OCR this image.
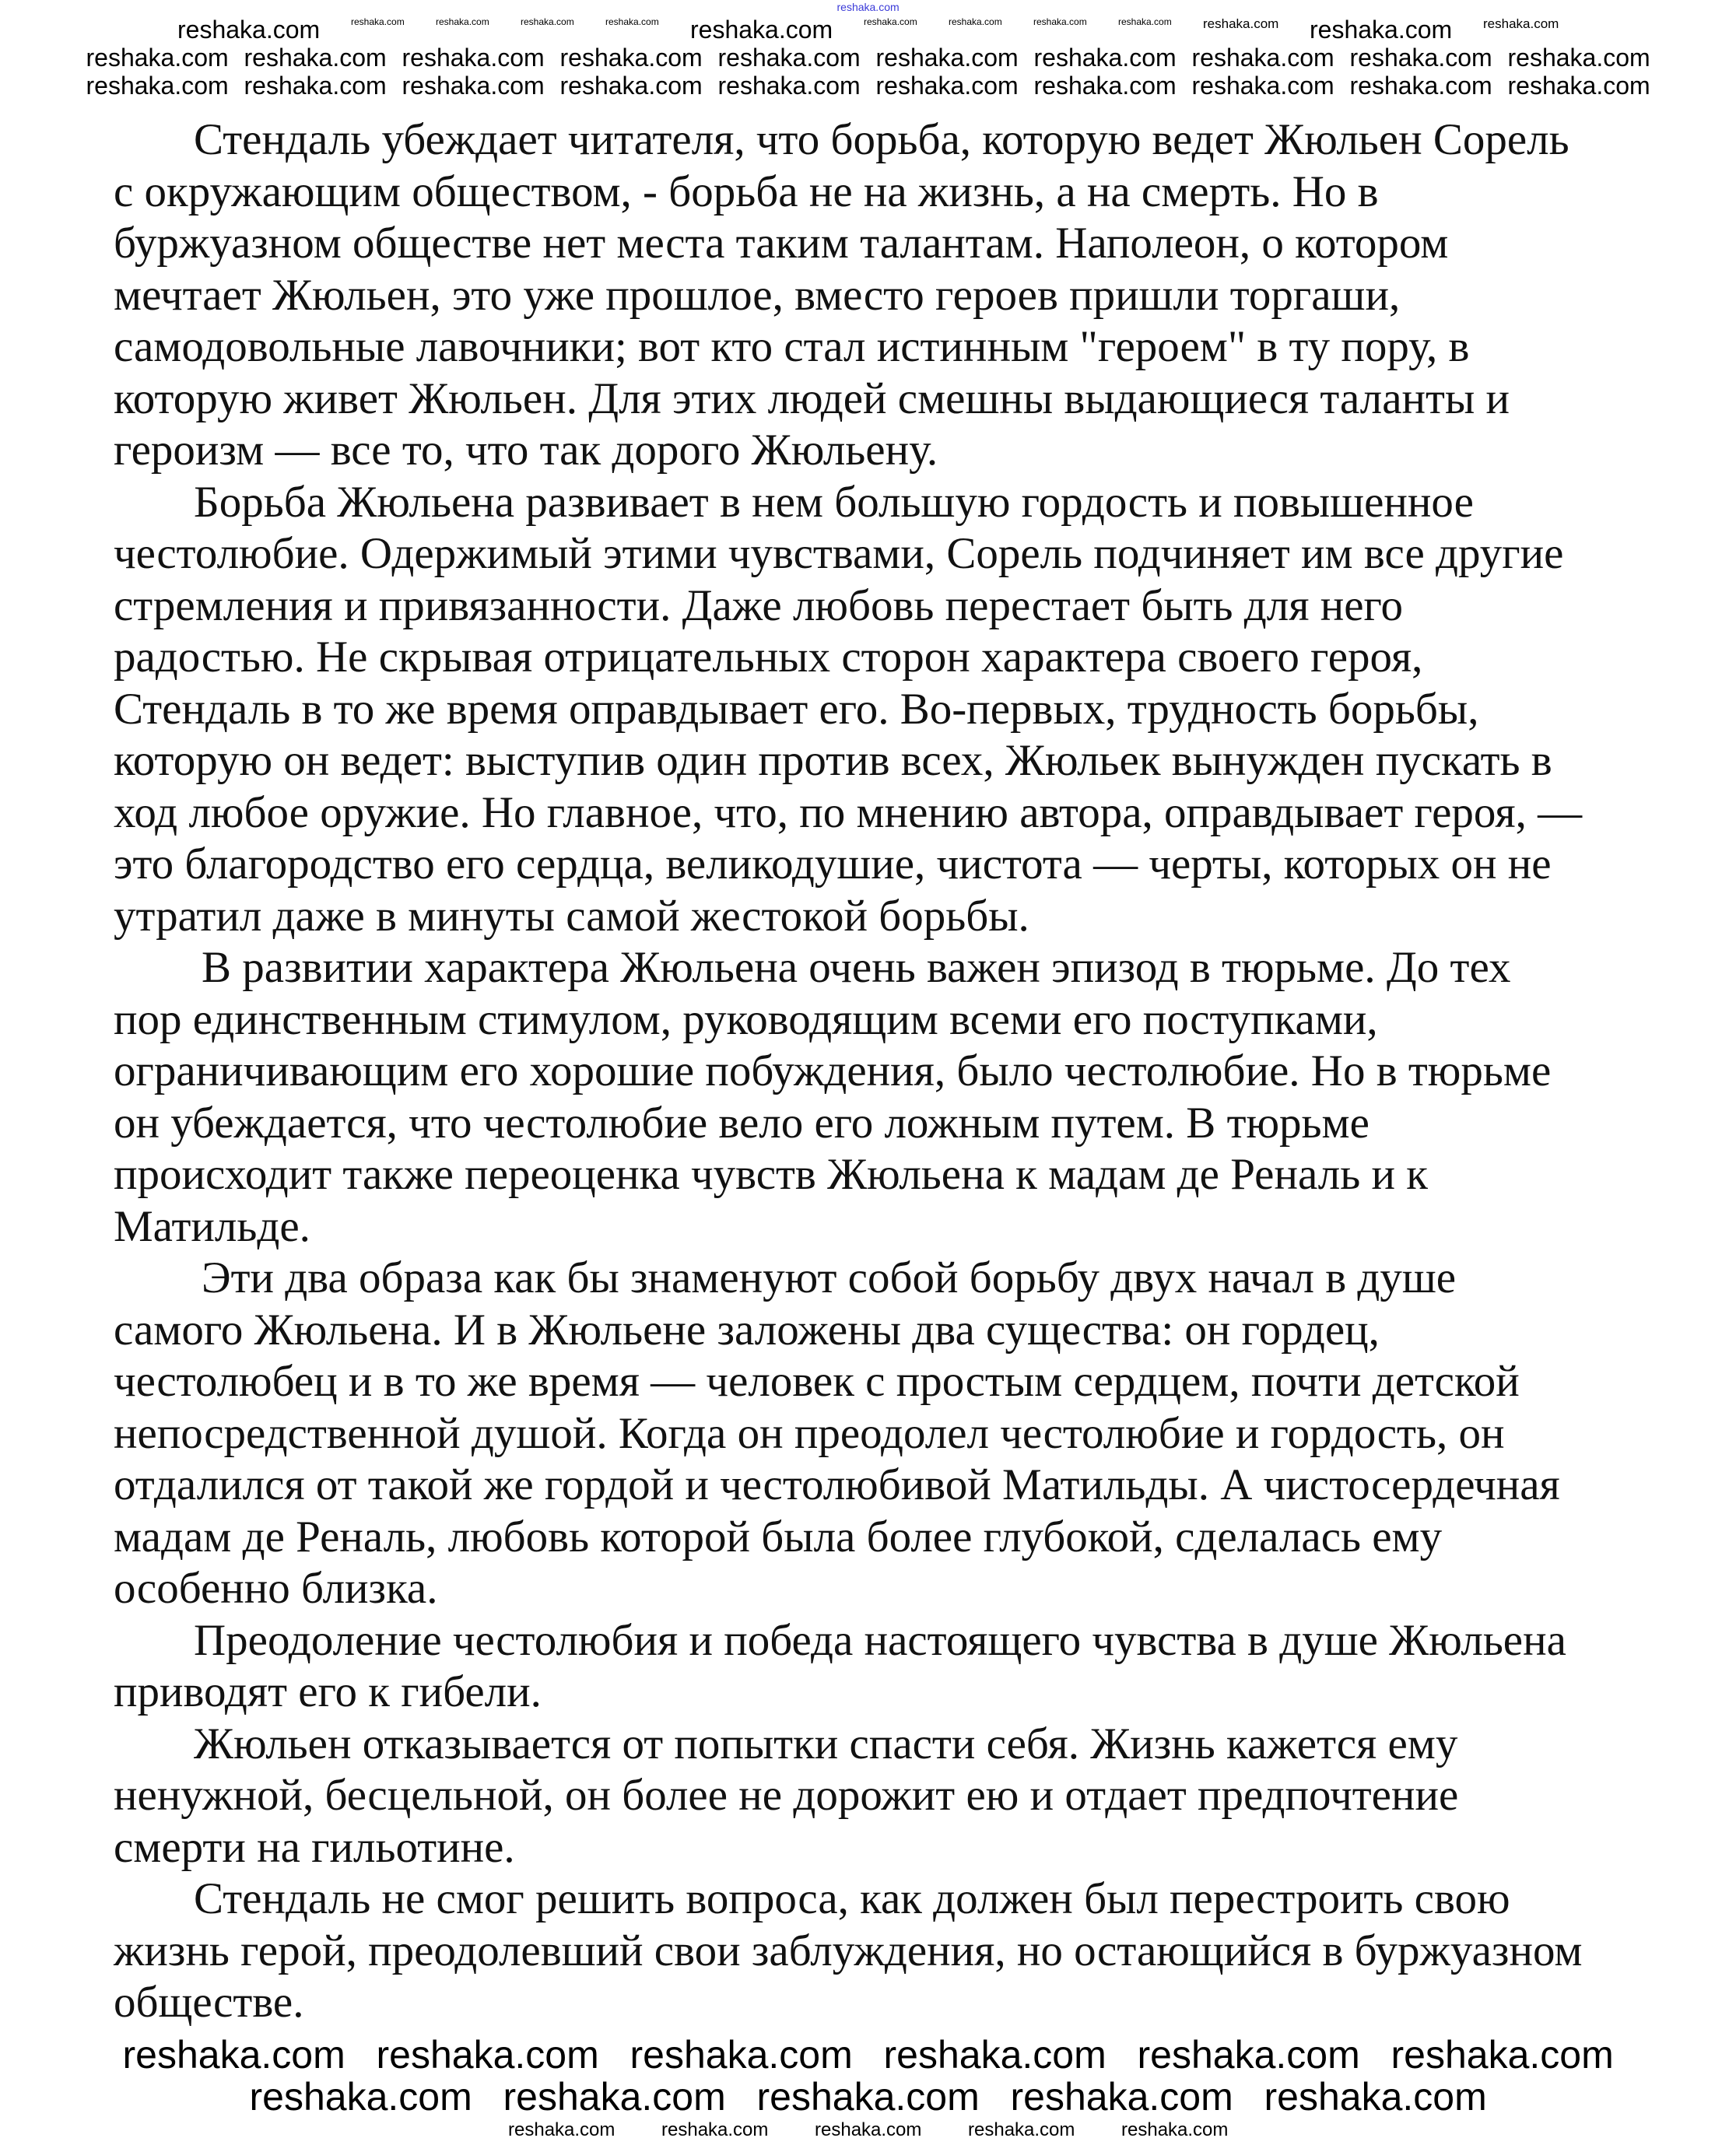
Стендаль убеждает читателя, что борьба, которую ведет Жюльен Сорель
с окружающим обществом, - борьба не на жизнь, а на смерть. Но в
буржуазном обществе нет места таким талантам. Наполеон, о котором
мечтает Жюльен, это уже прошлое, вместо героев пришли торгаши,
самодовольные лавочники; вот кто стал истинным "героем" в ту пору, в
которую живет Жюльен. Для этих людей смешны выдающиеся таланты и
героизм — все то, что так дорого Жюльену.
Борьба Жюльена развивает в нем большую гордость и повышенное
честолюбие. Одержимый этими чувствами, Сорель подчиняет им все другие
стремления и привязанности. Даже любовь перестает быть для него
радостью. Не скрывая отрицательных сторон характера своего героя,
Стендаль в то же время оправдывает его. Во-первых, трудность борьбы,
которую он ведет: выступив один против всех, Жюльек вынужден пускать в
ход любое оружие. Но главное, что, по мнению автора, оправдывает героя, —
это благородство его сердца, великодушие, чистота — черты, которых он не
утратил даже в минуты самой жестокой борьбы.
В развитии характера Жюльена очень важен эпизод в тюрьме. До тех
пор единственным стимулом, руководящим всеми его поступками,
ограничивающим его хорошие побуждения, было честолюбие. Но в тюрьме
он убеждается, что честолюбие вело его ложным путем. В тюрьме
происходит также переоценка чувств Жюльена к мадам де Реналь и к
Матильде.
Эти два образа как бы знаменуют собой борьбу двух начал в душе
самого Жюльена. И в Жюльене заложены два существа: он гордец,
честолюбец и в то же время — человек с простым сердцем, почти детской
непосредственной душой. Когда он преодолел честолюбие и гордость, он
отдалился от такой же гордой и честолюбивой Матильды. А чистосердечная
мадам де Реналь, любовь которой была более глубокой, сделалась ему
особенно близка.
Преодоление честолюбия и победа настоящего чувства в душе Жюльена
приводят его к гибели.
Жюльен отказывается от попытки спасти себя. Жизнь кажется ему
ненужной, бесцельной, он более не дорожит ею и отдает предпочтение
смерти на гильотине.
Стендаль не смог решить вопроса, как должен был перестроить свою
жизнь герой, преодолевший свои заблуждения, но остающийся в буржуазном
обществе.
reshaka.com
reshaka.com	reshaka.com	reshaka.com	reshaka.com	reshaka.com reshaka.com	reshaka.com	reshaka.com	reshaka.com	reshaka.com reshaka.com reshaka.com reshaka.com
reshaka.com reshaka.com reshaka.com reshaka.com reshaka.com reshaka.com reshaka.com reshaka.com reshaka.com reshaka.com
reshaka.com reshaka.com reshaka.com reshaka.com reshaka.com reshaka.com reshaka.com reshaka.com reshaka.com reshaka.com
reshaka.com reshaka.com reshaka.com reshaka.com reshaka.com reshaka.com
reshaka.com reshaka.com reshaka.com reshaka.com reshaka.com
reshaka.com reshaka.com reshaka.com reshaka.com reshaka.com
